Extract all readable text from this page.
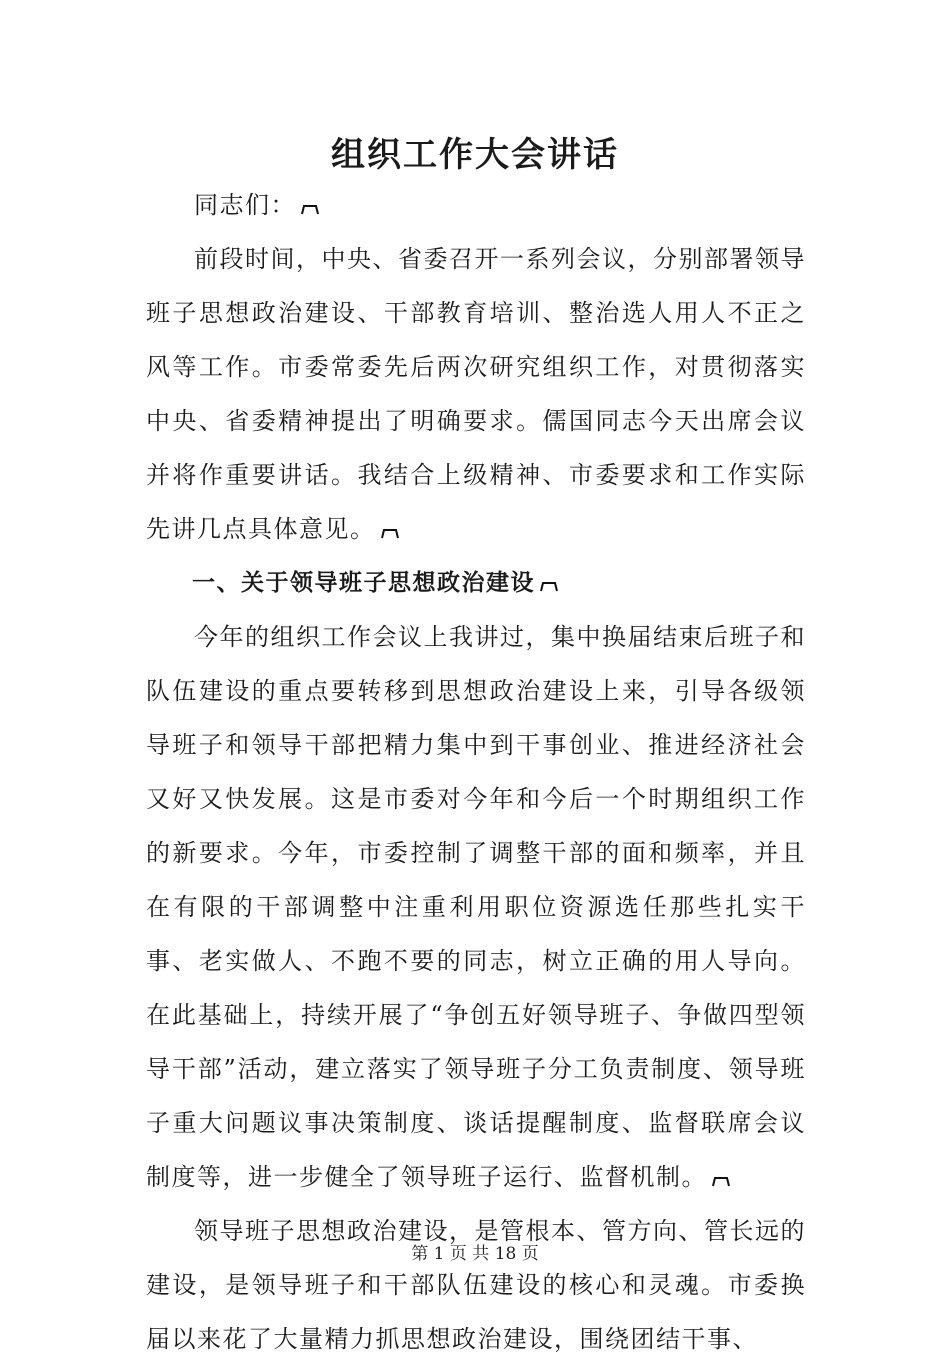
组织工作大会讲话

同志们：

前段时间，中央、省委召开一系列会议，分别部署领导班子思想政治建设、干部教育培训、整治选人用人不正之风等工作。市委常委先后两次研究组织工作，对贯彻落实中央、省委精神提出了明确要求。儒国同志今天出席会议并将作重要讲话。我结合上级精神、市委要求和工作实际先讲几点具体意见。

一、关于领导班子思想政治建设

今年的组织工作会议上我讲过，集中换届结束后班子和队伍建设的重点要转移到思想政治建设上来，引导各级领导班子和领导干部把精力集中到干事创业、推进经济社会又好又快发展。这是市委对今年和今后一个时期组织工作的新要求。今年，市委控制了调整干部的面和频率，并且在有限的干部调整中注重利用职位资源选任那些扎实干事、老实做人、不跑不要的同志，树立正确的用人导向。在此基础上，持续开展了“争创五好领导班子、争做四型领导干部”活动，建立落实了领导班子分工负责制度、领导班子重大问题议事决策制度、谈话提醒制度、监督联席会议制度等，进一步健全了领导班子运行、监督机制。

领导班子思想政治建设，是管根本、管方向、管长远的建设，是领导班子和干部队伍建设的核心和灵魂。市委换届以来花了大量精力抓思想政治建设，围绕团结干事、

第 1 页 共 18 页
